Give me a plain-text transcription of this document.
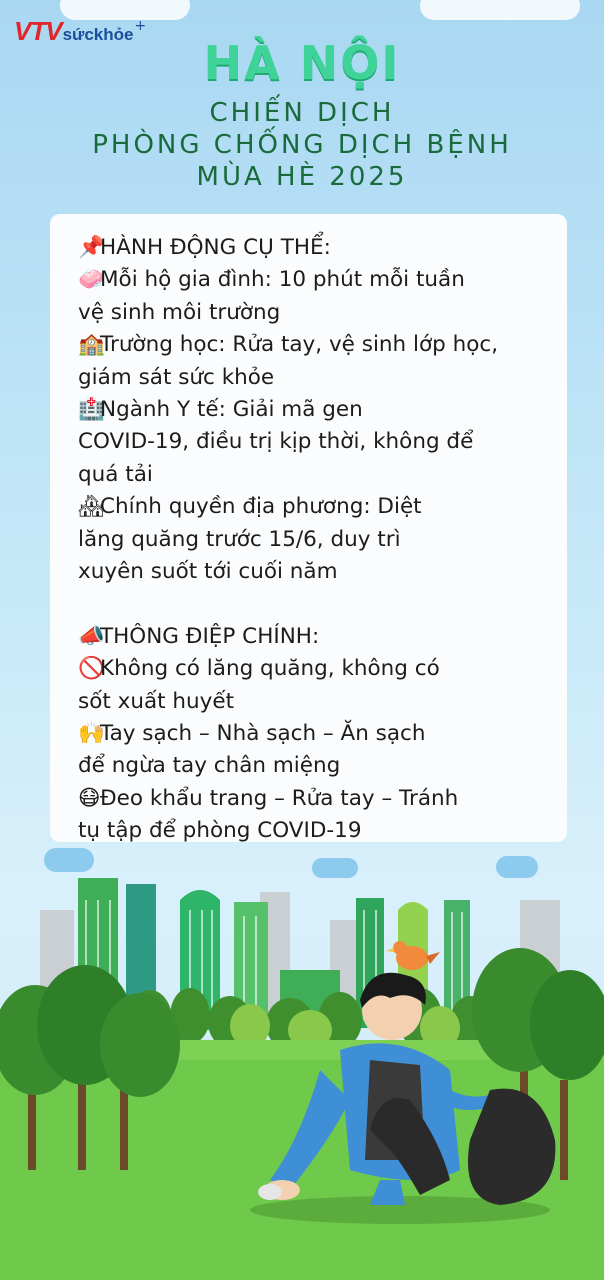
VTV sứckhỏe +
HÀ NỘI
CHIẾN DỊCH
PHÒNG CHỐNG DỊCH BỆNH
MÙA HÈ 2025
📌HÀNH ĐỘNG CỤ THỂ:
🧼Mỗi hộ gia đình: 10 phút mỗi tuần
vệ sinh môi trường
🏫Trường học: Rửa tay, vệ sinh lớp học,
giám sát sức khỏe
🏥Ngành Y tế: Giải mã gen
COVID-19, điều trị kịp thời, không để
quá tải
🏘Chính quyền địa phương: Diệt
lăng quăng trước 15/6, duy trì
xuyên suốt tới cuối năm
📣THÔNG ĐIỆP CHÍNH:
🚫Không có lăng quăng, không có
sốt xuất huyết
🙌Tay sạch – Nhà sạch – Ăn sạch
để ngừa tay chân miệng
😷Đeo khẩu trang – Rửa tay – Tránh
tụ tập để phòng COVID-19
